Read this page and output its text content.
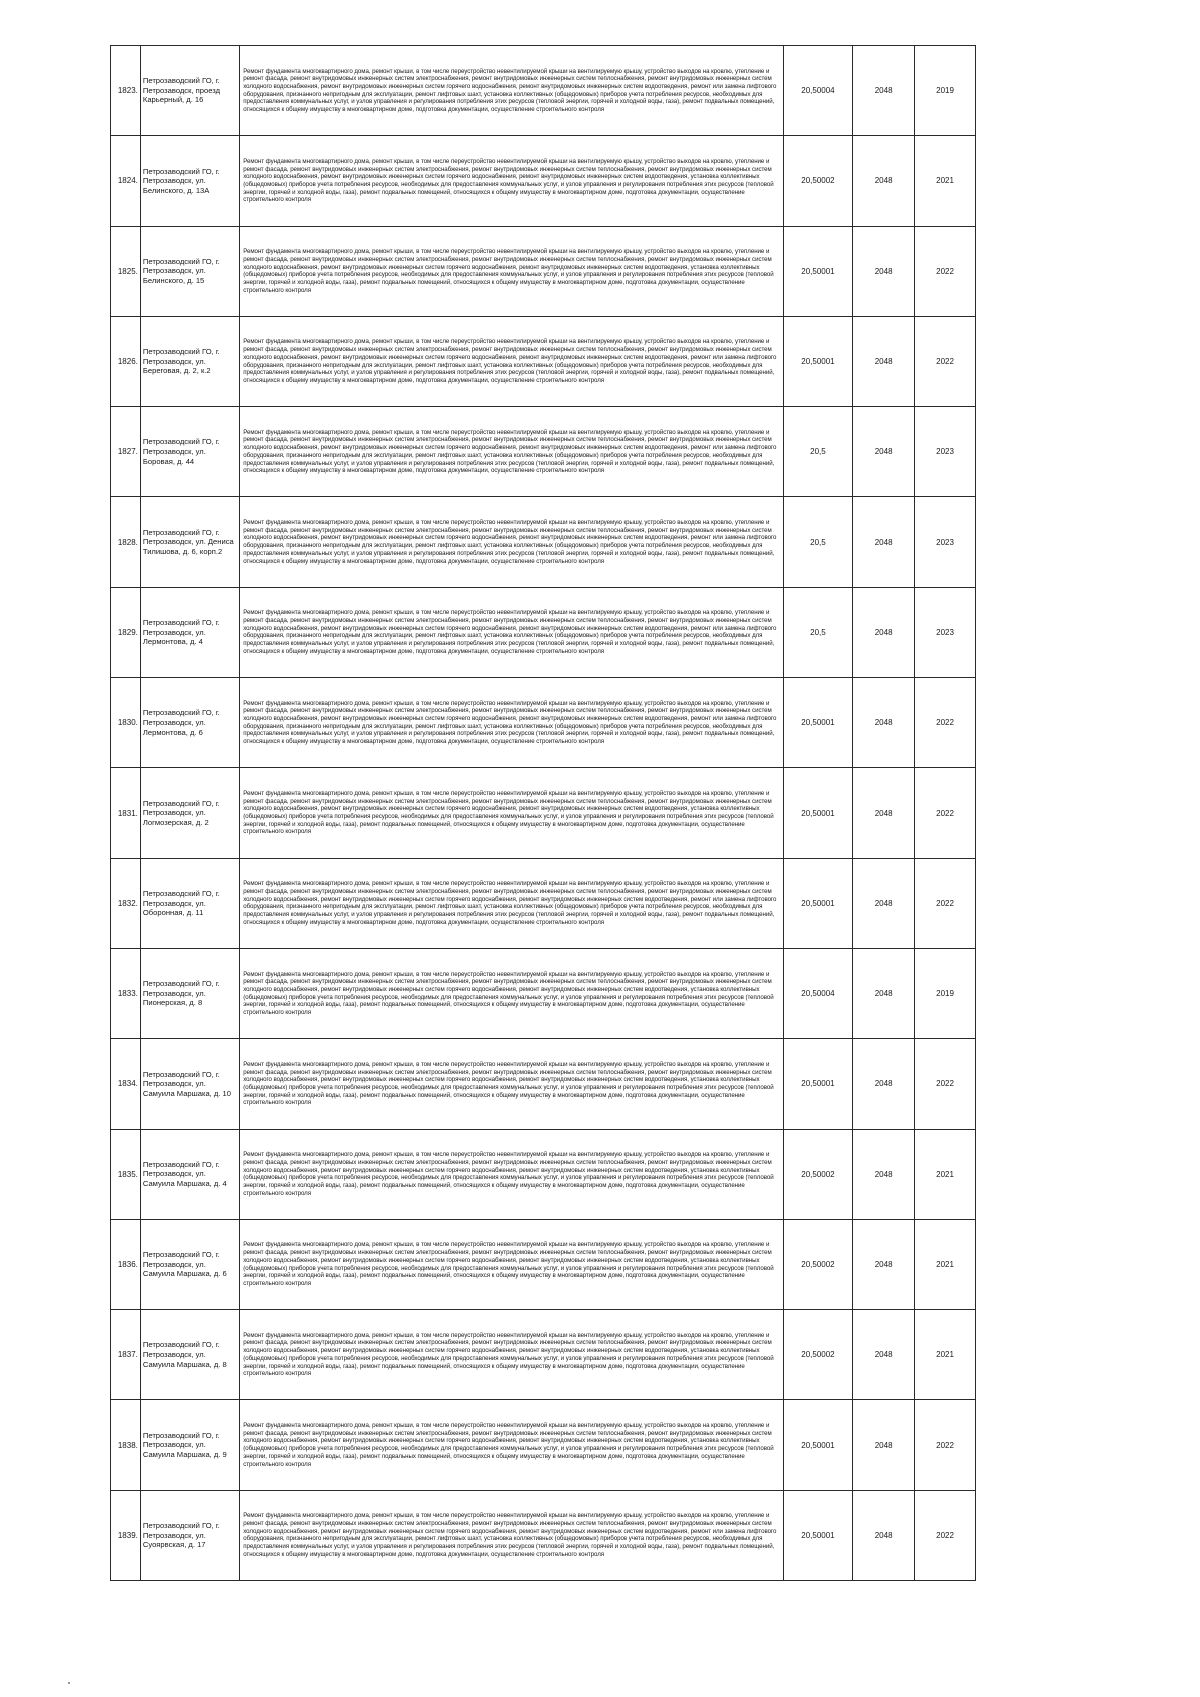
1823.	Петрозаводский ГО, г. Петрозаводск, проезд Карьерный, д. 16	Ремонт фундамента многоквартирного дома, ремонт крыши, в том числе переустройство невентилируемой крыши на вентилируемую крышу, устройство выходов на кровлю, утепление и ремонт фасада, ремонт внутридомовых инженерных систем электроснабжения, ремонт внутридомовых инженерных систем теплоснабжения, ремонт внутридомовых инженерных систем холодного водоснабжения, ремонт внутридомовых инженерных систем горячего водоснабжения, ремонт внутридомовых инженерных систем водоотведения, ремонт или замена лифтового оборудования, признанного непригодным для эксплуатации, ремонт лифтовых шахт, установка коллективных (общедомовых) приборов учета потребления ресурсов, необходимых для предоставления коммунальных услуг, и узлов управления и регулирования потребления этих ресурсов (тепловой энергии, горячей и холодной воды, газа), ремонт подвальных помещений, относящихся к общему имуществу в многоквартирном доме, подготовка документации, осуществление строительного контроля	20,50004	2048	2019
1824.	Петрозаводский ГО, г. Петрозаводск, ул. Белинского, д. 13А	Ремонт фундамента многоквартирного дома, ремонт крыши, в том числе переустройство невентилируемой крыши на вентилируемую крышу, устройство выходов на кровлю, утепление и ремонт фасада, ремонт внутридомовых инженерных систем электроснабжения, ремонт внутридомовых инженерных систем теплоснабжения, ремонт внутридомовых инженерных систем холодного водоснабжения, ремонт внутридомовых инженерных систем горячего водоснабжения, ремонт внутридомовых инженерных систем водоотведения, установка коллективных (общедомовых) приборов учета потребления ресурсов, необходимых для предоставления коммунальных услуг, и узлов управления и регулирования потребления этих ресурсов (тепловой энергии, горячей и холодной воды, газа), ремонт подвальных помещений, относящихся к общему имуществу в многоквартирном доме, подготовка документации, осуществление строительного контроля	20,50002	2048	2021
1825.	Петрозаводский ГО, г. Петрозаводск, ул. Белинского, д. 15	Ремонт фундамента многоквартирного дома, ремонт крыши, в том числе переустройство невентилируемой крыши на вентилируемую крышу, устройство выходов на кровлю, утепление и ремонт фасада, ремонт внутридомовых инженерных систем электроснабжения, ремонт внутридомовых инженерных систем теплоснабжения, ремонт внутридомовых инженерных систем холодного водоснабжения, ремонт внутридомовых инженерных систем горячего водоснабжения, ремонт внутридомовых инженерных систем водоотведения, установка коллективных (общедомовых) приборов учета потребления ресурсов, необходимых для предоставления коммунальных услуг, и узлов управления и регулирования потребления этих ресурсов (тепловой энергии, горячей и холодной воды, газа), ремонт подвальных помещений, относящихся к общему имуществу в многоквартирном доме, подготовка документации, осуществление строительного контроля	20,50001	2048	2022
1826.	Петрозаводский ГО, г. Петрозаводск, ул. Береговая, д. 2, к.2	Ремонт фундамента многоквартирного дома, ремонт крыши, в том числе переустройство невентилируемой крыши на вентилируемую крышу, устройство выходов на кровлю, утепление и ремонт фасада, ремонт внутридомовых инженерных систем электроснабжения, ремонт внутридомовых инженерных систем теплоснабжения, ремонт внутридомовых инженерных систем холодного водоснабжения, ремонт внутридомовых инженерных систем горячего водоснабжения, ремонт внутридомовых инженерных систем водоотведения, ремонт или замена лифтового оборудования, признанного непригодным для эксплуатации, ремонт лифтовых шахт, установка коллективных (общедомовых) приборов учета потребления ресурсов, необходимых для предоставления коммунальных услуг, и узлов управления и регулирования потребления этих ресурсов (тепловой энергии, горячей и холодной воды, газа), ремонт подвальных помещений, относящихся к общему имуществу в многоквартирном доме, подготовка документации, осуществление строительного контроля	20,50001	2048	2022
1827.	Петрозаводский ГО, г. Петрозаводск, ул. Боровая, д. 44	Ремонт фундамента многоквартирного дома, ремонт крыши, в том числе переустройство невентилируемой крыши на вентилируемую крышу, устройство выходов на кровлю, утепление и ремонт фасада, ремонт внутридомовых инженерных систем электроснабжения, ремонт внутридомовых инженерных систем теплоснабжения, ремонт внутридомовых инженерных систем холодного водоснабжения, ремонт внутридомовых инженерных систем горячего водоснабжения, ремонт внутридомовых инженерных систем водоотведения, ремонт или замена лифтового оборудования, признанного непригодным для эксплуатации, ремонт лифтовых шахт, установка коллективных (общедомовых) приборов учета потребления ресурсов, необходимых для предоставления коммунальных услуг, и узлов управления и регулирования потребления этих ресурсов (тепловой энергии, горячей и холодной воды, газа), ремонт подвальных помещений, относящихся к общему имуществу в многоквартирном доме, подготовка документации, осуществление строительного контроля	20,5	2048	2023
1828.	Петрозаводский ГО, г. Петрозаводск, ул. Дениса Тилишова, д. 6, корп.2	Ремонт фундамента многоквартирного дома, ремонт крыши, в том числе переустройство невентилируемой крыши на вентилируемую крышу, устройство выходов на кровлю, утепление и ремонт фасада, ремонт внутридомовых инженерных систем электроснабжения, ремонт внутридомовых инженерных систем теплоснабжения, ремонт внутридомовых инженерных систем холодного водоснабжения, ремонт внутридомовых инженерных систем горячего водоснабжения, ремонт внутридомовых инженерных систем водоотведения, ремонт или замена лифтового оборудования, признанного непригодным для эксплуатации, ремонт лифтовых шахт, установка коллективных (общедомовых) приборов учета потребления ресурсов, необходимых для предоставления коммунальных услуг, и узлов управления и регулирования потребления этих ресурсов (тепловой энергии, горячей и холодной воды, газа), ремонт подвальных помещений, относящихся к общему имуществу в многоквартирном доме, подготовка документации, осуществление строительного контроля	20,5	2048	2023
1829.	Петрозаводский ГО, г. Петрозаводск, ул. Лермонтова, д. 4	Ремонт фундамента многоквартирного дома, ремонт крыши, в том числе переустройство невентилируемой крыши на вентилируемую крышу, устройство выходов на кровлю, утепление и ремонт фасада, ремонт внутридомовых инженерных систем электроснабжения, ремонт внутридомовых инженерных систем теплоснабжения, ремонт внутридомовых инженерных систем холодного водоснабжения, ремонт внутридомовых инженерных систем горячего водоснабжения, ремонт внутридомовых инженерных систем водоотведения, ремонт или замена лифтового оборудования, признанного непригодным для эксплуатации, ремонт лифтовых шахт, установка коллективных (общедомовых) приборов учета потребления ресурсов, необходимых для предоставления коммунальных услуг, и узлов управления и регулирования потребления этих ресурсов (тепловой энергии, горячей и холодной воды, газа), ремонт подвальных помещений, относящихся к общему имуществу в многоквартирном доме, подготовка документации, осуществление строительного контроля	20,5	2048	2023
1830.	Петрозаводский ГО, г. Петрозаводск, ул. Лермонтова, д. 6	Ремонт фундамента многоквартирного дома, ремонт крыши, в том числе переустройство невентилируемой крыши на вентилируемую крышу, устройство выходов на кровлю, утепление и ремонт фасада, ремонт внутридомовых инженерных систем электроснабжения, ремонт внутридомовых инженерных систем теплоснабжения, ремонт внутридомовых инженерных систем холодного водоснабжения, ремонт внутридомовых инженерных систем горячего водоснабжения, ремонт внутридомовых инженерных систем водоотведения, ремонт или замена лифтового оборудования, признанного непригодным для эксплуатации, ремонт лифтовых шахт, установка коллективных (общедомовых) приборов учета потребления ресурсов, необходимых для предоставления коммунальных услуг, и узлов управления и регулирования потребления этих ресурсов (тепловой энергии, горячей и холодной воды, газа), ремонт подвальных помещений, относящихся к общему имуществу в многоквартирном доме, подготовка документации, осуществление строительного контроля	20,50001	2048	2022
1831.	Петрозаводский ГО, г. Петрозаводск, ул. Логмозерская, д. 2	Ремонт фундамента многоквартирного дома, ремонт крыши, в том числе переустройство невентилируемой крыши на вентилируемую крышу, устройство выходов на кровлю, утепление и ремонт фасада, ремонт внутридомовых инженерных систем электроснабжения, ремонт внутридомовых инженерных систем теплоснабжения, ремонт внутридомовых инженерных систем холодного водоснабжения, ремонт внутридомовых инженерных систем горячего водоснабжения, ремонт внутридомовых инженерных систем водоотведения, установка коллективных (общедомовых) приборов учета потребления ресурсов, необходимых для предоставления коммунальных услуг, и узлов управления и регулирования потребления этих ресурсов (тепловой энергии, горячей и холодной воды, газа), ремонт подвальных помещений, относящихся к общему имуществу в многоквартирном доме, подготовка документации, осуществление строительного контроля	20,50001	2048	2022
1832.	Петрозаводский ГО, г. Петрозаводск, ул. Оборонная, д. 11	Ремонт фундамента многоквартирного дома, ремонт крыши, в том числе переустройство невентилируемой крыши на вентилируемую крышу, устройство выходов на кровлю, утепление и ремонт фасада, ремонт внутридомовых инженерных систем электроснабжения, ремонт внутридомовых инженерных систем теплоснабжения, ремонт внутридомовых инженерных систем холодного водоснабжения, ремонт внутридомовых инженерных систем горячего водоснабжения, ремонт внутридомовых инженерных систем водоотведения, ремонт или замена лифтового оборудования, признанного непригодным для эксплуатации, ремонт лифтовых шахт, установка коллективных (общедомовых) приборов учета потребления ресурсов, необходимых для предоставления коммунальных услуг, и узлов управления и регулирования потребления этих ресурсов (тепловой энергии, горячей и холодной воды, газа), ремонт подвальных помещений, относящихся к общему имуществу в многоквартирном доме, подготовка документации, осуществление строительного контроля	20,50001	2048	2022
1833.	Петрозаводский ГО, г. Петрозаводск, ул. Пионерская, д. 8	Ремонт фундамента многоквартирного дома, ремонт крыши, в том числе переустройство невентилируемой крыши на вентилируемую крышу, устройство выходов на кровлю, утепление и ремонт фасада, ремонт внутридомовых инженерных систем электроснабжения, ремонт внутридомовых инженерных систем теплоснабжения, ремонт внутридомовых инженерных систем холодного водоснабжения, ремонт внутридомовых инженерных систем горячего водоснабжения, ремонт внутридомовых инженерных систем водоотведения, установка коллективных (общедомовых) приборов учета потребления ресурсов, необходимых для предоставления коммунальных услуг, и узлов управления и регулирования потребления этих ресурсов (тепловой энергии, горячей и холодной воды, газа), ремонт подвальных помещений, относящихся к общему имуществу в многоквартирном доме, подготовка документации, осуществление строительного контроля	20,50004	2048	2019
1834.	Петрозаводский ГО, г. Петрозаводск, ул. Самуила Маршака, д. 10	Ремонт фундамента многоквартирного дома, ремонт крыши, в том числе переустройство невентилируемой крыши на вентилируемую крышу, устройство выходов на кровлю, утепление и ремонт фасада, ремонт внутридомовых инженерных систем электроснабжения, ремонт внутридомовых инженерных систем теплоснабжения, ремонт внутридомовых инженерных систем холодного водоснабжения, ремонт внутридомовых инженерных систем горячего водоснабжения, ремонт внутридомовых инженерных систем водоотведения, установка коллективных (общедомовых) приборов учета потребления ресурсов, необходимых для предоставления коммунальных услуг, и узлов управления и регулирования потребления этих ресурсов (тепловой энергии, горячей и холодной воды, газа), ремонт подвальных помещений, относящихся к общему имуществу в многоквартирном доме, подготовка документации, осуществление строительного контроля	20,50001	2048	2022
1835.	Петрозаводский ГО, г. Петрозаводск, ул. Самуила Маршака, д. 4	Ремонт фундамента многоквартирного дома, ремонт крыши, в том числе переустройство невентилируемой крыши на вентилируемую крышу, устройство выходов на кровлю, утепление и ремонт фасада, ремонт внутридомовых инженерных систем электроснабжения, ремонт внутридомовых инженерных систем теплоснабжения, ремонт внутридомовых инженерных систем холодного водоснабжения, ремонт внутридомовых инженерных систем горячего водоснабжения, ремонт внутридомовых инженерных систем водоотведения, установка коллективных (общедомовых) приборов учета потребления ресурсов, необходимых для предоставления коммунальных услуг, и узлов управления и регулирования потребления этих ресурсов (тепловой энергии, горячей и холодной воды, газа), ремонт подвальных помещений, относящихся к общему имуществу в многоквартирном доме, подготовка документации, осуществление строительного контроля	20,50002	2048	2021
1836.	Петрозаводский ГО, г. Петрозаводск, ул. Самуила Маршака, д. 6	Ремонт фундамента многоквартирного дома, ремонт крыши, в том числе переустройство невентилируемой крыши на вентилируемую крышу, устройство выходов на кровлю, утепление и ремонт фасада, ремонт внутридомовых инженерных систем электроснабжения, ремонт внутридомовых инженерных систем теплоснабжения, ремонт внутридомовых инженерных систем холодного водоснабжения, ремонт внутридомовых инженерных систем горячего водоснабжения, ремонт внутридомовых инженерных систем водоотведения, установка коллективных (общедомовых) приборов учета потребления ресурсов, необходимых для предоставления коммунальных услуг, и узлов управления и регулирования потребления этих ресурсов (тепловой энергии, горячей и холодной воды, газа), ремонт подвальных помещений, относящихся к общему имуществу в многоквартирном доме, подготовка документации, осуществление строительного контроля	20,50002	2048	2021
1837.	Петрозаводский ГО, г. Петрозаводск, ул. Самуила Маршака, д. 8	Ремонт фундамента многоквартирного дома, ремонт крыши, в том числе переустройство невентилируемой крыши на вентилируемую крышу, устройство выходов на кровлю, утепление и ремонт фасада, ремонт внутридомовых инженерных систем электроснабжения, ремонт внутридомовых инженерных систем теплоснабжения, ремонт внутридомовых инженерных систем холодного водоснабжения, ремонт внутридомовых инженерных систем горячего водоснабжения, ремонт внутридомовых инженерных систем водоотведения, установка коллективных (общедомовых) приборов учета потребления ресурсов, необходимых для предоставления коммунальных услуг, и узлов управления и регулирования потребления этих ресурсов (тепловой энергии, горячей и холодной воды, газа), ремонт подвальных помещений, относящихся к общему имуществу в многоквартирном доме, подготовка документации, осуществление строительного контроля	20,50002	2048	2021
1838.	Петрозаводский ГО, г. Петрозаводск, ул. Самуила Маршака, д. 9	Ремонт фундамента многоквартирного дома, ремонт крыши, в том числе переустройство невентилируемой крыши на вентилируемую крышу, устройство выходов на кровлю, утепление и ремонт фасада, ремонт внутридомовых инженерных систем электроснабжения, ремонт внутридомовых инженерных систем теплоснабжения, ремонт внутридомовых инженерных систем холодного водоснабжения, ремонт внутридомовых инженерных систем горячего водоснабжения, ремонт внутридомовых инженерных систем водоотведения, установка коллективных (общедомовых) приборов учета потребления ресурсов, необходимых для предоставления коммунальных услуг, и узлов управления и регулирования потребления этих ресурсов (тепловой энергии, горячей и холодной воды, газа), ремонт подвальных помещений, относящихся к общему имуществу в многоквартирном доме, подготовка документации, осуществление строительного контроля	20,50001	2048	2022
1839.	Петрозаводский ГО, г. Петрозаводск, ул. Суоярвская, д. 17	Ремонт фундамента многоквартирного дома, ремонт крыши, в том числе переустройство невентилируемой крыши на вентилируемую крышу, устройство выходов на кровлю, утепление и ремонт фасада, ремонт внутридомовых инженерных систем электроснабжения, ремонт внутридомовых инженерных систем теплоснабжения, ремонт внутридомовых инженерных систем холодного водоснабжения, ремонт внутридомовых инженерных систем горячего водоснабжения, ремонт внутридомовых инженерных систем водоотведения, ремонт или замена лифтового оборудования, признанного непригодным для эксплуатации, ремонт лифтовых шахт, установка коллективных (общедомовых) приборов учета потребления ресурсов, необходимых для предоставления коммунальных услуг, и узлов управления и регулирования потребления этих ресурсов (тепловой энергии, горячей и холодной воды, газа), ремонт подвальных помещений, относящихся к общему имуществу в многоквартирном доме, подготовка документации, осуществление строительного контроля	20,50001	2048	2022
